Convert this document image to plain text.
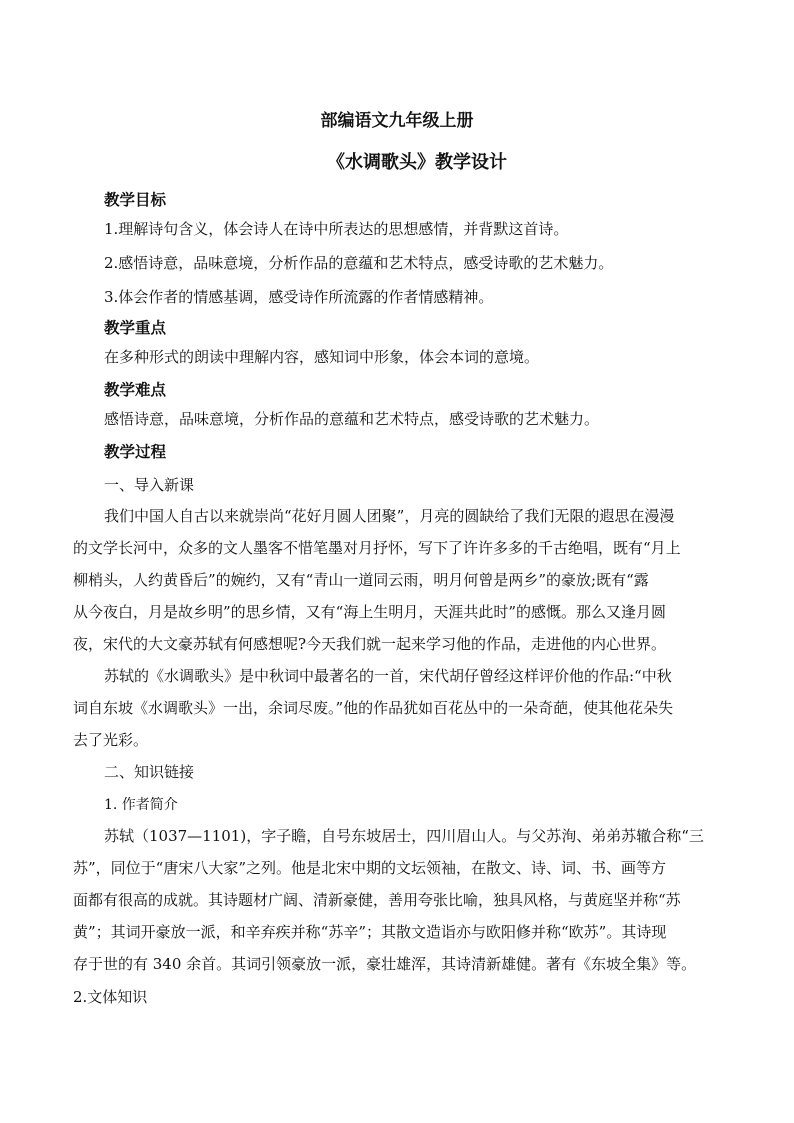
部编语文九年级上册
《水调歌头》教学设计
教学目标
1.理解诗句含义，体会诗人在诗中所表达的思想感情，并背默这首诗。
2.感悟诗意，品味意境，分析作品的意蕴和艺术特点，感受诗歌的艺术魅力。
3.体会作者的情感基调，感受诗作所流露的作者情感精神。
教学重点
在多种形式的朗读中理解内容，感知词中形象，体会本词的意境。
教学难点
感悟诗意，品味意境，分析作品的意蕴和艺术特点，感受诗歌的艺术魅力。
教学过程
一、导入新课
我们中国人自古以来就崇尚“花好月圆人团聚”，月亮的圆缺给了我们无限的遐思在漫漫
的文学长河中，众多的文人墨客不惜笔墨对月抒怀，写下了许许多多的千古绝唱，既有“月上
柳梢头，人约黄昏后”的婉约，又有“青山一道同云雨，明月何曾是两乡”的豪放;既有“露
从今夜白，月是故乡明”的思乡情，又有“海上生明月，天涯共此时”的感慨。那么又逢月圆
夜，宋代的大文豪苏轼有何感想呢?今天我们就一起来学习他的作品，走进他的内心世界。
苏轼的《水调歌头》是中秋词中最著名的一首，宋代胡仔曾经这样评价他的作品:“中秋
词自东坡《水调歌头》一出，余词尽废。”他的作品犹如百花丛中的一朵奇葩，使其他花朵失
去了光彩。
二、知识链接
1. 作者简介
苏轼（1037—1101)，字子瞻，自号东坡居士，四川眉山人。与父苏洵、弟弟苏辙合称“三
苏”，同位于“唐宋八大家”之列。他是北宋中期的文坛领袖，在散文、诗、词、书、画等方
面都有很高的成就。其诗题材广阔、清新豪健，善用夸张比喻，独具风格，与黄庭坚并称“苏
黄”；其词开豪放一派，和辛弃疾并称“苏辛”；其散文造诣亦与欧阳修并称“欧苏”。其诗现
存于世的有 340 余首。其词引领豪放一派，豪壮雄浑，其诗清新雄健。著有《东坡全集》等。
2.文体知识
